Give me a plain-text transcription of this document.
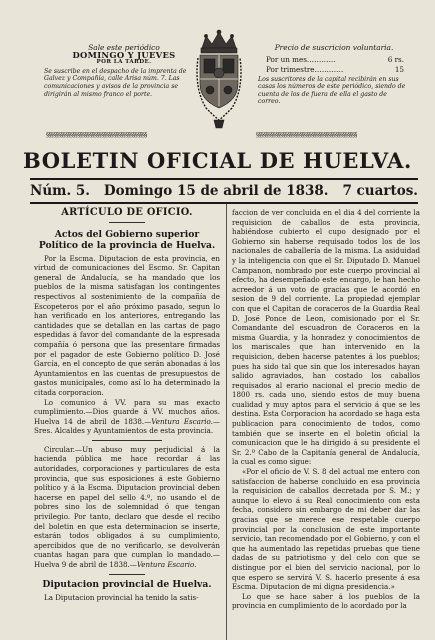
Sale este periódico
DOMINGO Y JUEVES
POR LA TARDE.
Se suscribe en el despacho de la imprenta de Galvez y Compañía, calle Arisa núm. 7. Las comunicaciones y avisos de la provincia se dirigirán al mismo franco el porte.
Precio de suscricion voluntaria.
Por un mes…………	6 rs.
Por trimestre…………	15
Los suscritores de la capital recibirán en sus casas los números de este periódico, siendo de cuenta de los de fuera de ella el gasto de correo.
§§§§§§§§§§§§§§§§§§§§§§§§§§§§§§§§§§§§§§§§§§	§§§§§§§§§§§§§§§§§§§§§§§§§§§§§§§§§§§§§§§§§§
BOLETIN OFICIAL DE HUELVA.
Núm. 5. Domingo 15 de abril de 1838. 7 cuartos.
ARTÍCULO DE OFICIO.
Actos del Gobierno superior Político de la provincia de Huelva.

Por la Escma. Diputacion de esta provincia, en virtud de comunicaciones del Escmo. Sr. Capitan general de Andalucía, se ha mandado que los pueblos de la misma satisfagan los contingentes respectivos al sostenimiento de la compañía de Escopeteros por el año próximo pasado, segun lo han verificado en los anteriores, entregando las cantidades que se detallan en las cartas de pago espedidas á favor del comandante de la espresada compañía ó persona que las presentare firmadas por el pagador de este Gobierno político D. José García, en el concepto de que serán abonadas á los Ayuntamientos en las cuentas de presupuestos de gastos municipales, como así lo ha determinado la citada corporacion.

Lo comunico á VV. para su mas exacto cumplimiento.—Dios guarde á VV. muchos años. Huelva 14 de abril de 1838.—Ventura Escario.—Sres. Alcaldes y Ayuntamientos de esta provincia.

Circular.—Un abuso muy perjudicial á la hacienda pública me hace recordar á las autoridades, corporaciones y particulares de esta provincia, que sus esposiciones á este Gobierno político y á la Escma. Diputacion provincial deben hacerse en papel del sello 4.º, no usando el de pobres sino los de solemnidad ó que tengan privilegio. Por tanto, declaro que desde el recibo del boletin en que esta determinacion se inserte, estarán todos obligados á su cumplimiento, apercibidos que de no verificarlo, se devolverán cuantas hagan para que cumplan lo mandado.—Huelva 9 de abril de 1838.—Ventura Escario.

Diputacion provincial de Huelva.

La Diputacion provincial ha tenido la satis-

faccion de ver concluida en el dia 4 del corriente la requisicion de caballos de esta provincia, habiéndose cubierto el cupo designado por el Gobierno sin haberse requisado todos los de los nacionales de caballería de la misma. La asiduidad y la inteligencia con que el Sr. Diputado D. Manuel Campanon, nombrado por este cuerpo provincial al efecto, ha desempeñado este encargo, le han hecho acreedor á un voto de gracias que le acordó en sesion de 9 del corriente. La propiedad ejemplar con que el Capitan de coraceros de la Guardia Real D. José Ponce de Leon, comisionado por el Sr. Comandante del escuadron de Coraceros en la misma Guardia, y la honradez y conocimientos de los mariscales que han intervenido en la requisicion, deben hacerse patentes á los pueblos; pues ha sido tal que sin que los interesados hayan salido agraviados, han costado los caballos requisados al erario nacional el precio medio de 1800 rs. cada uno, siendo estos de muy buena cualidad y muy aptos para el servicio á que se les destina. Esta Corporacion ha acordado se haga esta publicacion para conocimiento de todos, como también que se inserte en el boletin oficial la comunicacion que le ha dirigido á su presidente el Sr. 2.º Cabo de la Capitanía general de Andalucía, la cual es como sigue:

«Por el oficio de V. S. 8 del actual me entero con satisfaccion de haberse concluido en esa provincia la requisicion de caballos decretada por S. M.; y aunque lo elevo á su Real conocimiento con esta fecha, considero sin embargo de mi deber dar las gracias que se merece ese respetable cuerpo provincial por la conclusion de este importante servicio, tan recomendado por el Gobierno, y con el que ha aumentado las repetidas pruebas que tiene dadas de su patriotismo y del celo con que se distingue por el bien del servicio nacional, por lo que espero se servirá V. S. hacerlo presente á esa Escma. Diputacion de mi digna presidencia.»

Lo que se hace saber á los pueblos de la provincia en cumplimiento de lo acordado por la
